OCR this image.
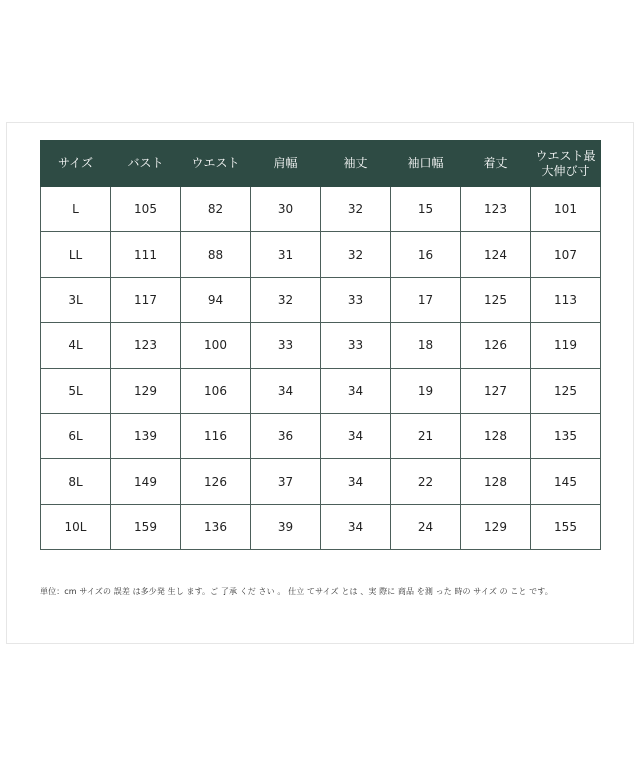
サイズ	バスト	ウエスト	肩幅	袖丈	袖口幅	着丈	ウエスト最
大伸び寸
L	105	82	30	32	15	123	101
LL	111	88	31	32	16	124	107
3L	117	94	32	33	17	125	113
4L	123	100	33	33	18	126	119
5L	129	106	34	34	19	127	125
6L	139	116	36	34	21	128	135
8L	149	126	37	34	22	128	145
10L	159	136	39	34	24	129	155
単位：cm サイズの 誤差 は多少発 生し ます。ご 了承 くだ さい 。 仕立 てサイズ とは 、実 際に 商品 を測 った 時の サイズ の こと です。
